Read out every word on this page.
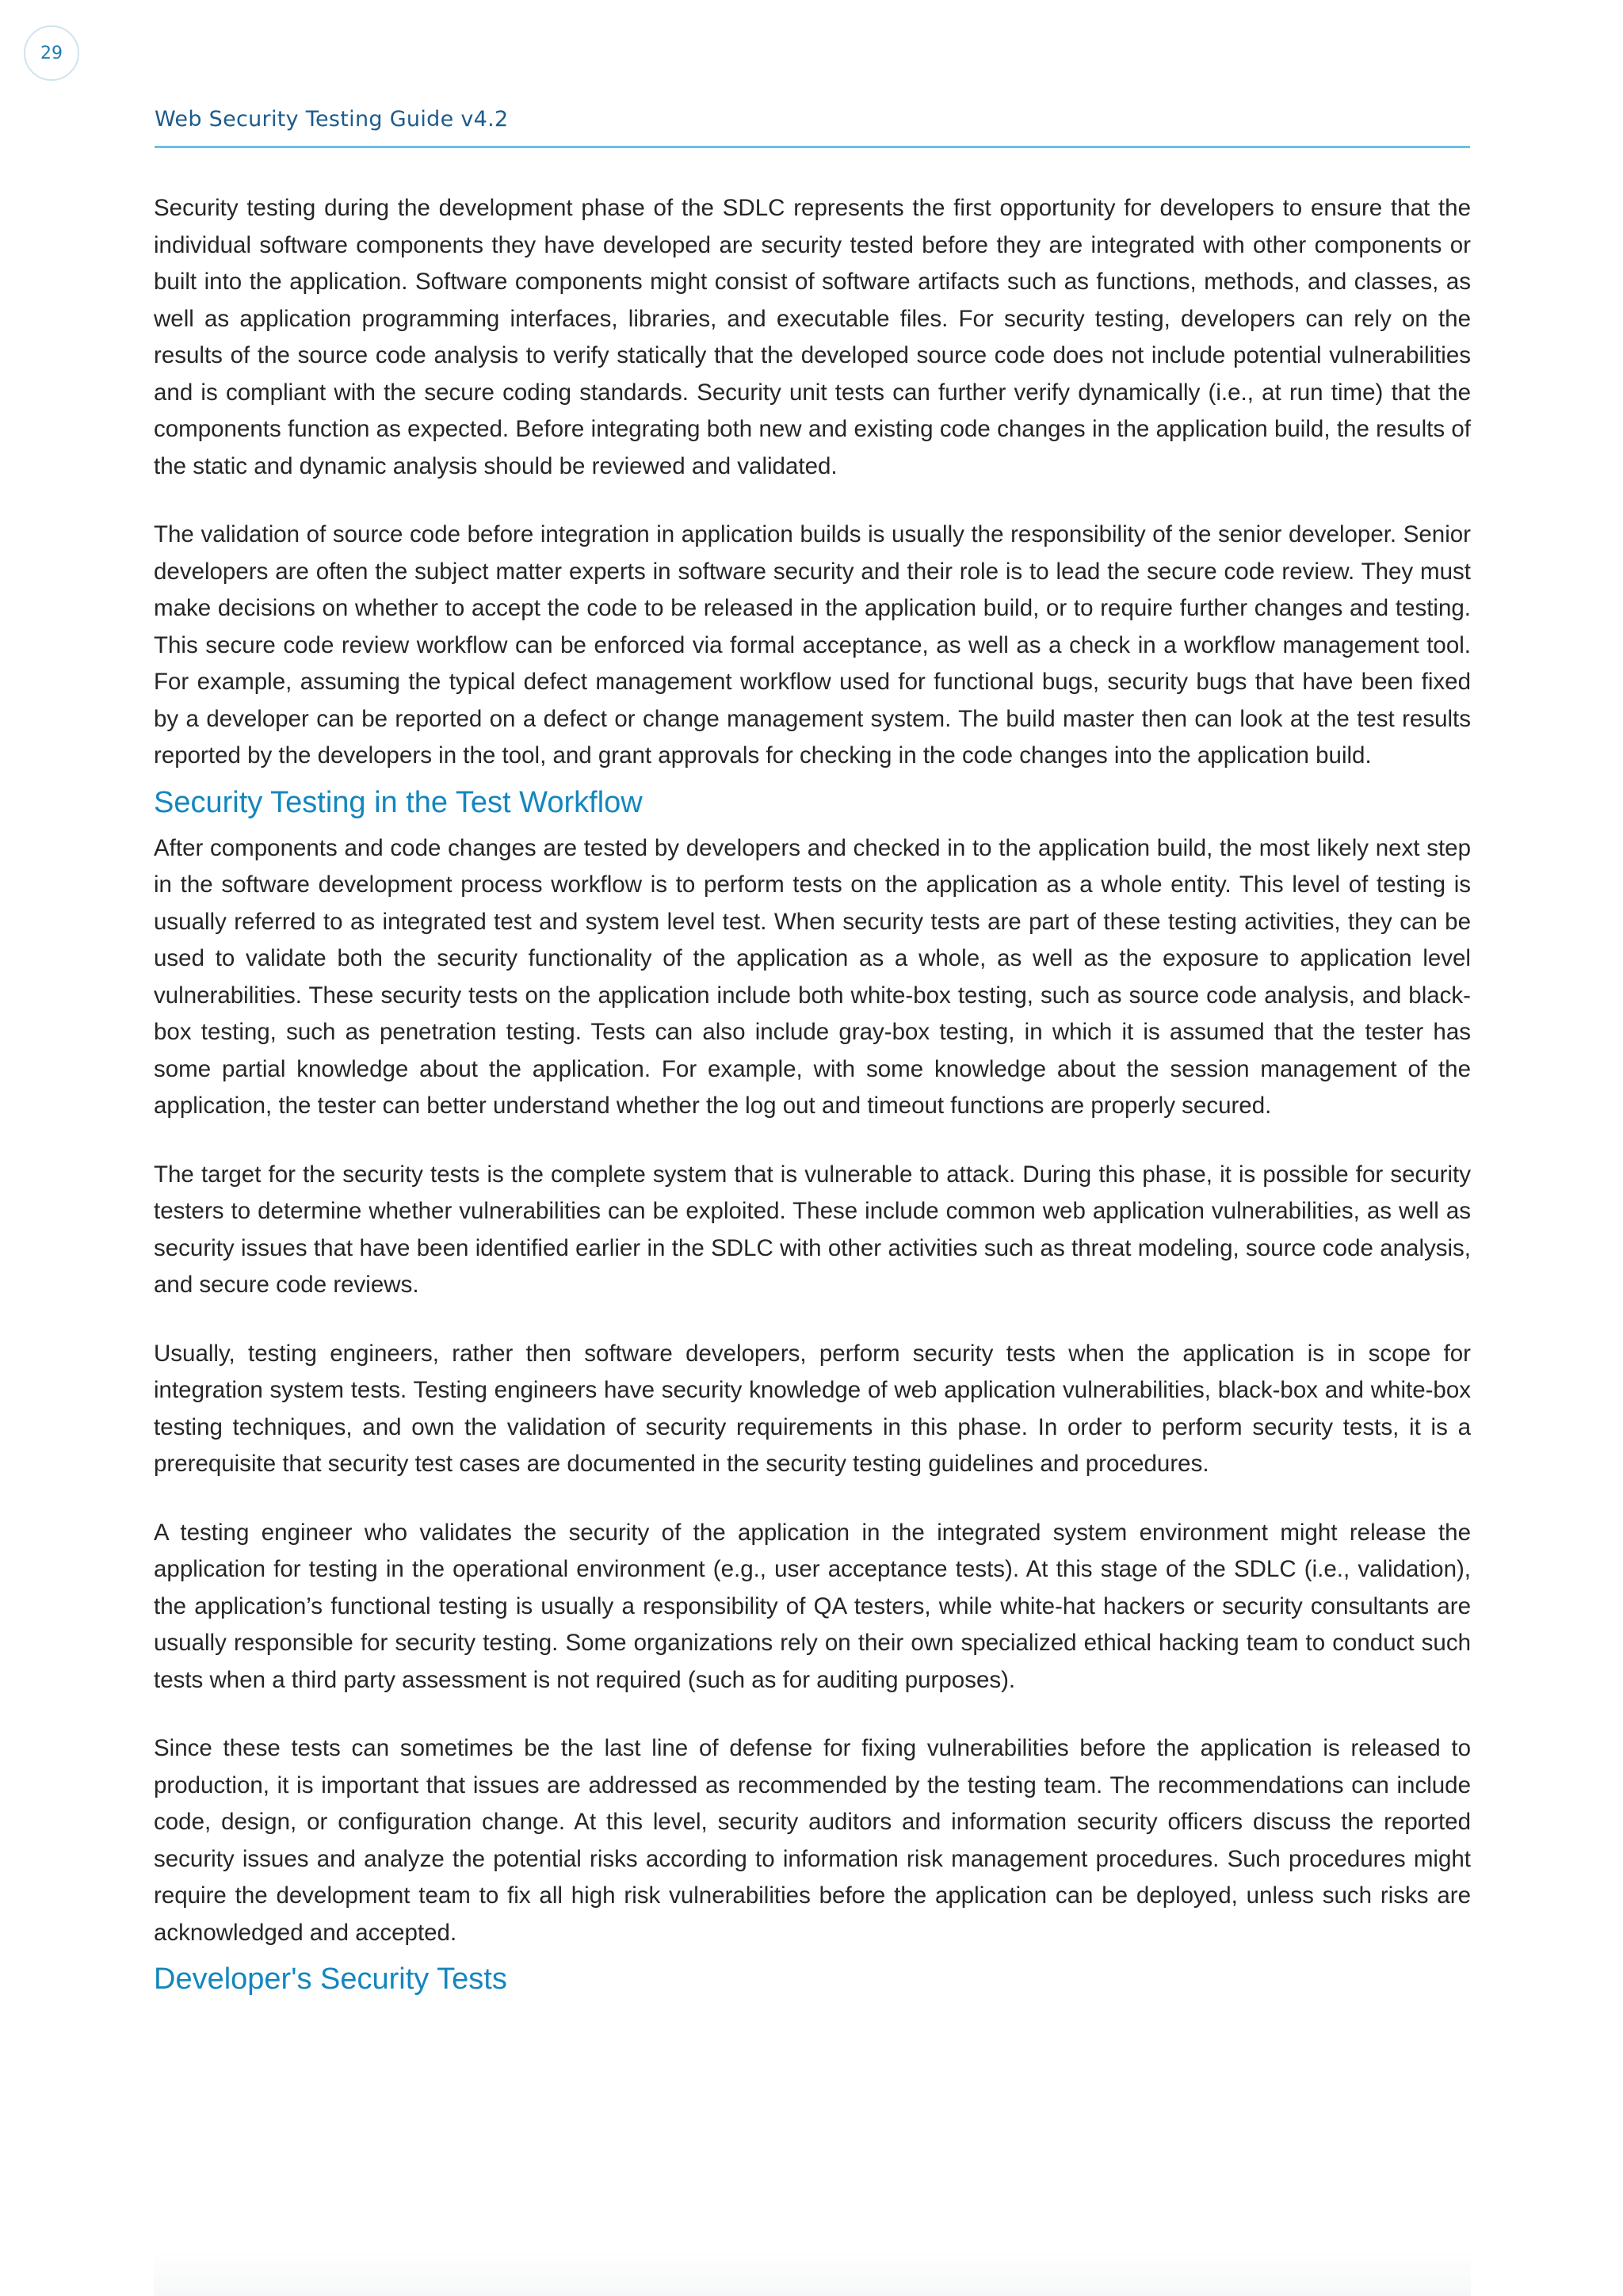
29
Web Security Testing Guide v4.2

Security testing during the development phase of the SDLC represents the first opportunity for developers to ensure that the individual software components they have developed are security tested before they are integrated with other components or built into the application. Software components might consist of software artifacts such as functions, methods, and classes, as well as application programming interfaces, libraries, and executable files. For security testing, developers can rely on the results of the source code analysis to verify statically that the developed source code does not include potential vulnerabilities and is compliant with the secure coding standards. Security unit tests can further verify dynamically (i.e., at run time) that the components function as expected. Before integrating both new and existing code changes in the application build, the results of the static and dynamic analysis should be reviewed and validated.

The validation of source code before integration in application builds is usually the responsibility of the senior developer. Senior developers are often the subject matter experts in software security and their role is to lead the secure code review. They must make decisions on whether to accept the code to be released in the application build, or to require further changes and testing. This secure code review workflow can be enforced via formal acceptance, as well as a check in a workflow management tool. For example, assuming the typical defect management workflow used for functional bugs, security bugs that have been fixed by a developer can be reported on a defect or change management system. The build master then can look at the test results reported by the developers in the tool, and grant approvals for checking in the code changes into the application build.

Security Testing in the Test Workflow

After components and code changes are tested by developers and checked in to the application build, the most likely next step in the software development process workflow is to perform tests on the application as a whole entity. This level of testing is usually referred to as integrated test and system level test. When security tests are part of these testing activities, they can be used to validate both the security functionality of the application as a whole, as well as the exposure to application level vulnerabilities. These security tests on the application include both white-box testing, such as source code analysis, and black-box testing, such as penetration testing. Tests can also include gray-box testing, in which it is assumed that the tester has some partial knowledge about the application. For example, with some knowledge about the session management of the application, the tester can better understand whether the log out and timeout functions are properly secured.

The target for the security tests is the complete system that is vulnerable to attack. During this phase, it is possible for security testers to determine whether vulnerabilities can be exploited. These include common web application vulnerabilities, as well as security issues that have been identified earlier in the SDLC with other activities such as threat modeling, source code analysis, and secure code reviews.

Usually, testing engineers, rather then software developers, perform security tests when the application is in scope for integration system tests. Testing engineers have security knowledge of web application vulnerabilities, black-box and white-box testing techniques, and own the validation of security requirements in this phase. In order to perform security tests, it is a prerequisite that security test cases are documented in the security testing guidelines and procedures.

A testing engineer who validates the security of the application in the integrated system environment might release the application for testing in the operational environment (e.g., user acceptance tests). At this stage of the SDLC (i.e., validation), the application’s functional testing is usually a responsibility of QA testers, while white-hat hackers or security consultants are usually responsible for security testing. Some organizations rely on their own specialized ethical hacking team to conduct such tests when a third party assessment is not required (such as for auditing purposes).

Since these tests can sometimes be the last line of defense for fixing vulnerabilities before the application is released to production, it is important that issues are addressed as recommended by the testing team. The recommendations can include code, design, or configuration change. At this level, security auditors and information security officers discuss the reported security issues and analyze the potential risks according to information risk management procedures. Such procedures might require the development team to fix all high risk vulnerabilities before the application can be deployed, unless such risks are acknowledged and accepted.

Developer's Security Tests
